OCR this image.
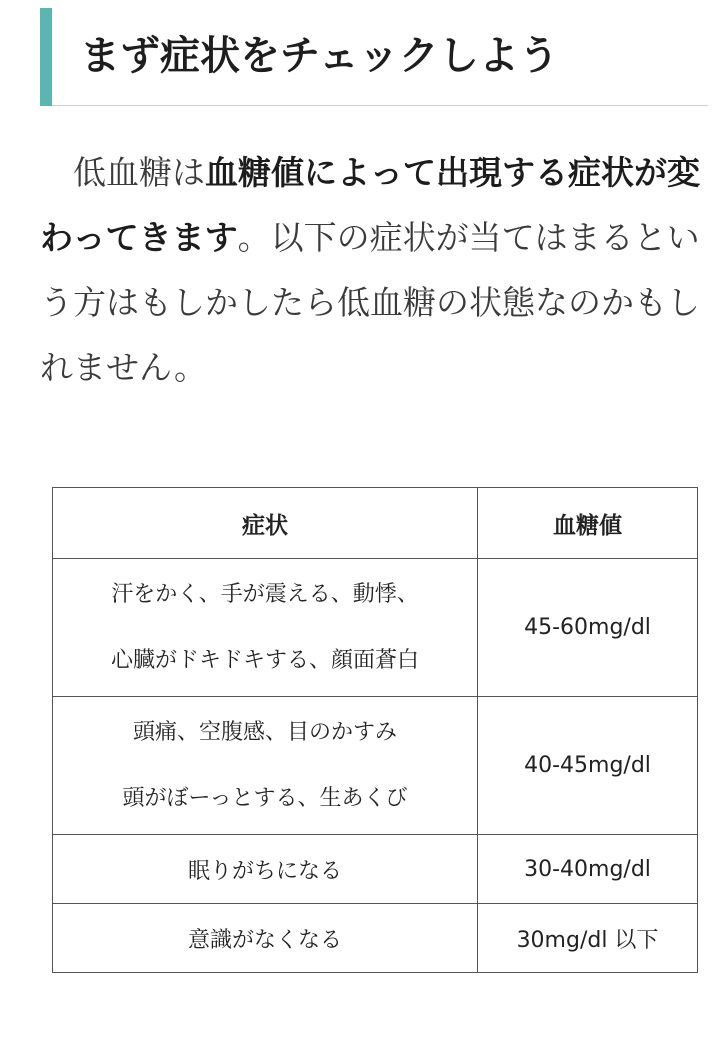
まず症状をチェックしよう

低血糖は血糖値によって出現する症状が変わってきます。以下の症状が当てはまるという方はもしかしたら低血糖の状態なのかもしれません。

症状	血糖値

汗をかく、手が震える、動悸、
心臓がドキドキする、顔面蒼白	45-60mg/dl

頭痛、空腹感、目のかすみ
頭がぼーっとする、生あくび	40-45mg/dl
眠りがちになる	30-40mg/dl
意識がなくなる	30mg/dl 以下
